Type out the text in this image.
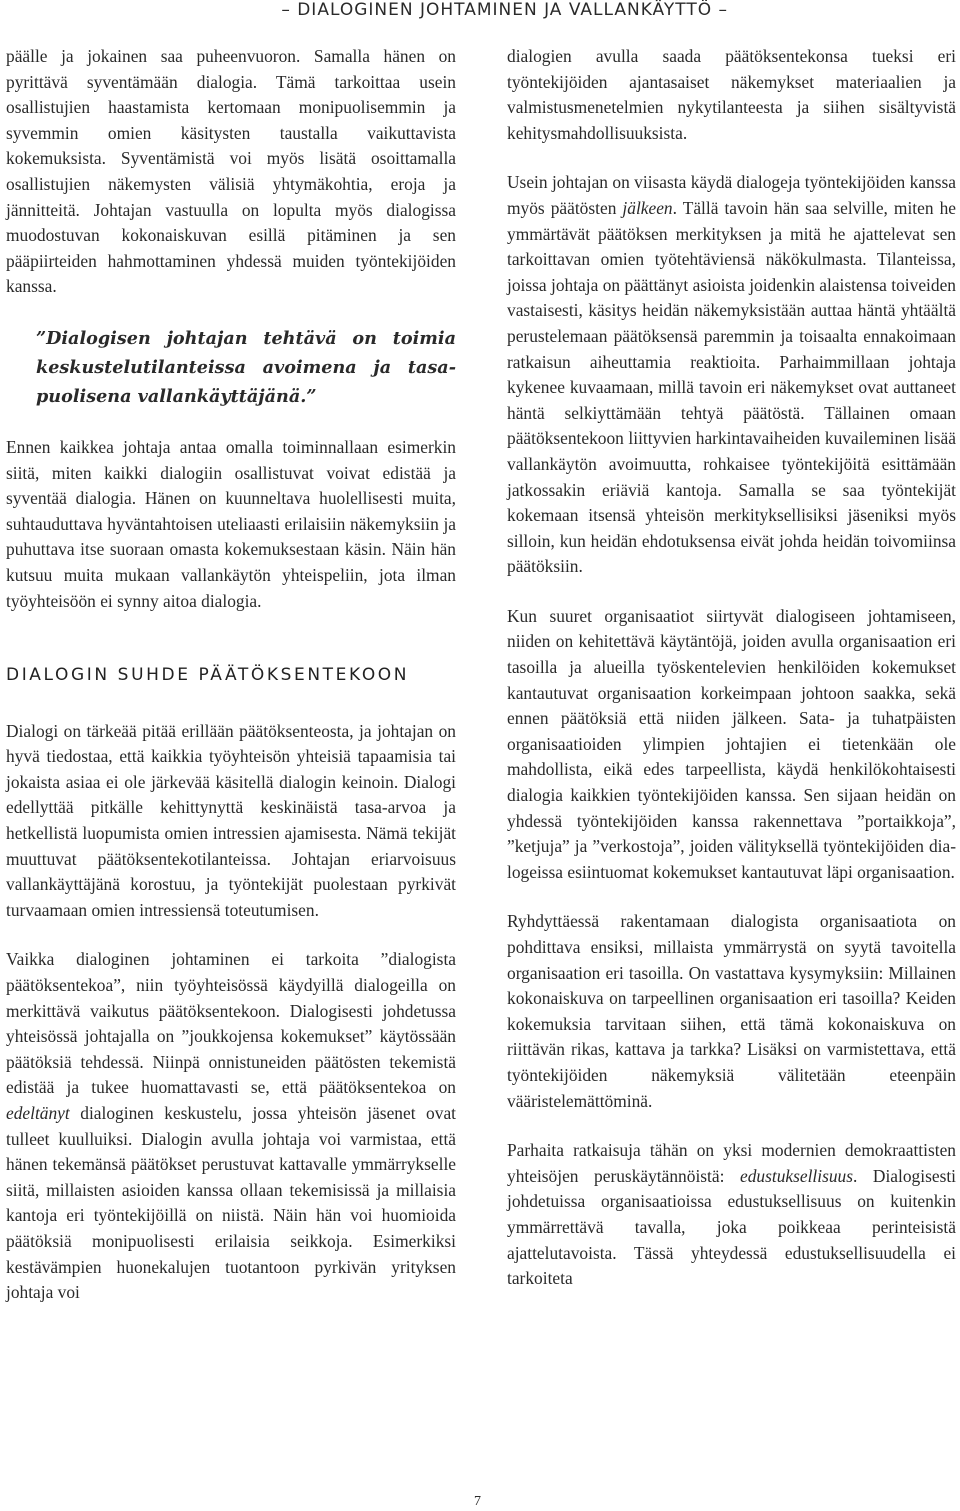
– DIALOGINEN JOHTAMINEN JA VALLANKÄYTTÖ –

päälle ja jokainen saa puheenvuoron. Samalla hänen on pyrittävä syventämään dialogia. Tämä tarkoittaa usein osallistujien haastamista kertomaan monipuolisemmin ja syvemmin omien käsitysten taustalla vaikuttavista kokemuksista. Syventämistä voi myös lisätä osoittamalla osallistujien näkemysten välisiä yhtymäkohtia, eroja ja jännitteitä. Johtajan vastuulla on lopulta myös dialogissa muodostuvan kokonaiskuvan esillä pitäminen ja sen pääpiirteiden hahmottaminen yhdessä muiden työntekijöiden kanssa.

”Dialogisen johtajan tehtävä on toimia keskustelutilanteissa avoimena ja tasapuolisena vallankäyttäjänä.”

Ennen kaikkea johtaja antaa omalla toiminnallaan esimerkin siitä, miten kaikki dialogiin osallistuvat voivat edistää ja syventää dialogia. Hänen on kuunneltava huolellisesti muita, suhtauduttava hyväntahtoisen uteliaasti erilaisiin näkemyksiin ja puhuttava itse suoraan omasta kokemuksestaan käsin. Näin hän kutsuu muita mukaan vallankäytön yhteispeliin, jota ilman työyhteisöön ei synny aitoa dialogia.

DIALOGIN SUHDE PÄÄTÖKSENTEKOON

Dialogi on tärkeää pitää erillään päätöksenteosta, ja johtajan on hyvä tiedostaa, että kaikkia työyhteisön yhteisiä tapaamisia tai jokaista asiaa ei ole järkevää käsitellä dialogin keinoin. Dialogi edellyttää pitkälle kehittynyttä keskinäistä tasa-arvoa ja hetkellistä luopumista omien intressien ajamisesta. Nämä tekijät muuttuvat päätöksentekotilanteissa. Johtajan eriarvoisuus vallankäyttäjänä korostuu, ja työntekijät puolestaan pyrkivät turvaamaan omien intressiensä toteutumisen.

Vaikka dialoginen johtaminen ei tarkoita ”dialogista päätöksentekoa”, niin työyhteisössä käydyillä dialogeilla on merkittävä vaikutus päätöksentekoon. Dialogisesti johdetussa yhteisössä johtajalla on ”joukkojensa kokemukset” käytössään päätöksiä tehdessä. Niinpä onnistuneiden päätösten tekemistä edistää ja tukee huomattavasti se, että päätöksentekoa on edeltänyt dialoginen keskustelu, jossa yhteisön jäsenet ovat tulleet kuulluiksi. Dialogin avulla johtaja voi varmistaa, että hänen tekemänsä päätökset perustuvat kattavalle ymmärrykselle siitä, millaisten asioiden kanssa ollaan tekemisissä ja millaisia kantoja eri työntekijöillä on niistä. Näin hän voi huomioida päätöksiä monipuolisesti erilaisia seikkoja. Esimerkiksi kestävämpien huonekalujen tuotantoon pyrkivän yrityksen johtaja voi

dialogien avulla saada päätöksentekonsa tueksi eri työntekijöiden ajantasaiset näkemykset materiaalien ja valmistusmenetelmien nykytilanteesta ja siihen sisältyvistä kehitysmahdollisuuksista.

Usein johtajan on viisasta käydä dialogeja työntekijöiden kanssa myös päätösten jälkeen. Tällä tavoin hän saa selville, miten he ymmärtävät päätöksen merkityksen ja mitä he ajattelevat sen tarkoittavan omien työtehtäviensä näkökulmasta. Tilanteissa, joissa johtaja on päättänyt asioista joidenkin alaistensa toiveiden vastaisesti, käsitys heidän näkemyksistään auttaa häntä yhtäältä perustelemaan päätöksensä paremmin ja toisaalta ennakoimaan ratkaisun aiheuttamia reaktioita. Parhaimmillaan johtaja kykenee kuvaamaan, millä tavoin eri näkemykset ovat auttaneet häntä selkiyttämään tehtyä päätöstä. Tällainen omaan päätöksentekoon liittyvien harkintavaiheiden kuvaileminen lisää vallankäytön avoimuutta, rohkaisee työntekijöitä esittämään jatkossakin eriäviä kantoja. Samalla se saa työntekijät kokemaan itsensä yhteisön merkityksellisiksi jäseniksi myös silloin, kun heidän ehdotuksensa eivät johda heidän toivomiinsa päätöksiin.

Kun suuret organisaatiot siirtyvät dialogiseen johtamiseen, niiden on kehitettävä käytäntöjä, joiden avulla organisaation eri tasoilla ja alueilla työskentelevien henkilöiden kokemukset kantautuvat organisaation korkeimpaan johtoon saakka, sekä ennen päätöksiä että niiden jälkeen. Sata- ja tuhatpäisten organisaatioiden ylimpien johtajien ei tietenkään ole mahdollista, eikä edes tarpeellista, käydä henkilökohtaisesti dialogia kaikkien työntekijöiden kanssa. Sen sijaan heidän on yhdessä työntekijöiden kanssa rakennettava ”portaikkoja”, ”ketjuja” ja ”verkostoja”, joiden välityksellä työntekijöiden dialogeissa esiintuomat kokemukset kantautuvat läpi organisaation.

Ryhdyttäessä rakentamaan dialogista organisaatiota on pohdittava ensiksi, millaista ymmärrystä on syytä tavoitella organisaation eri tasoilla. On vastattava kysymyksiin: Millainen kokonaiskuva on tarpeellinen organisaation eri tasoilla? Keiden kokemuksia tarvitaan siihen, että tämä kokonaiskuva on riittävän rikas, kattava ja tarkka? Lisäksi on varmistettava, että työntekijöiden näkemyksiä välitetään eteenpäin vääristelemättöminä.

Parhaita ratkaisuja tähän on yksi modernien demokraattisten yhteisöjen peruskäytännöistä: edustuksellisuus. Dialogisesti johdetuissa organisaatioissa edustuksellisuus on kuitenkin ymmärrettävä tavalla, joka poikkeaa perinteisistä ajattelutavoista. Tässä yhteydessä edustuksellisuudella ei tarkoiteta

7
